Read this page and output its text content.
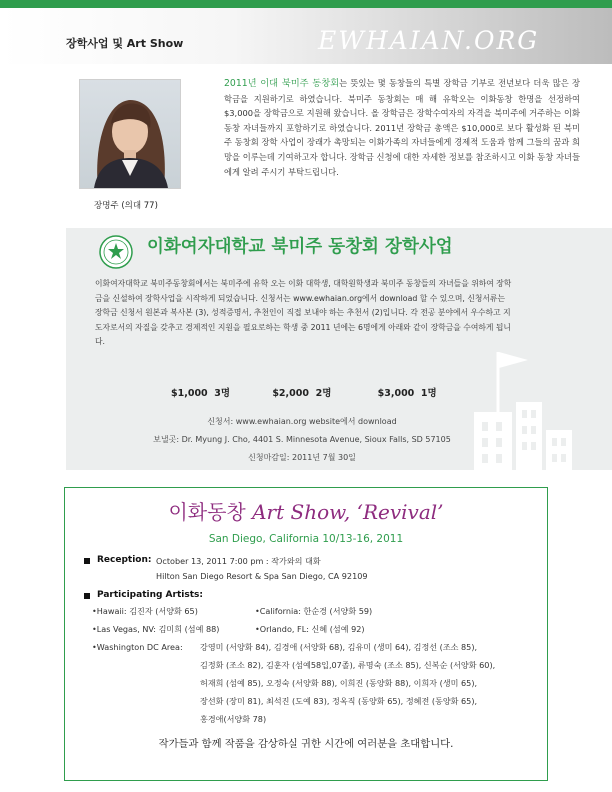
장학사업 및 Art Show	EWHAIAN.ORG
장명주 (의대 77)
2011년 이대 북미주 동창회는 뜻있는 몇 동창들의 특별 장학금 기부로 전년보다 더욱 많은 장학금을 지원하기로 하였습니다. 북미주 동창회는 매 해 유학오는 이화동창 한명을 선정하여 $3,000을 장학금으로 지원해 왔습니다. 올 장학금은 장학수여자의 자격을 북미주에 거주하는 이화동창 자녀들까지 포함하기로 하였습니다. 2011년 장학금 총액은 $10,000로 보다 활성화 된 북미주 동창회 장학 사업이 장래가 촉망되는 이화가족의 자녀들에게 경제적 도움과 함께 그들의 꿈과 희망을 이루는데 기여하고자 합니다. 장학금 신청에 대한 자세한 정보를 참조하시고 이화 동창 자녀들에게 알려 주시기 부탁드립니다.
이화여자대학교 북미주 동창회 장학사업
이화여자대학교 북미주동창회에서는 북미주에 유학 오는 이화 대학생, 대학원학생과 북미주 동창들의 자녀들을 위하여 장학금을 신설하여 장학사업을 시작하게 되었습니다. 신청서는 www.ewhaian.org에서 download 할 수 있으며, 신청서류는 장학금 신청서 원본과 복사본 (3), 성적증명서, 추천인이 직접 보내야 하는 추천서 (2)입니다. 각 전공 분야에서 우수하고 지도자로서의 자질을 갖추고 경제적인 지원을 필요로하는 학생 중 2011 년에는 6명에게 아래와 같이 장학금을 수여하게 됩니다.
$1,000 3명	$2,000 2명	$3,000 1명
신청서: www.ewhaian.org website에서 download
보낼곳: Dr. Myung J. Cho, 4401 S. Minnesota Avenue, Sioux Falls, SD 57105
신청마감일: 2011년 7월 30일
이화동창 Art Show, ‘Revival’
San Diego, California 10/13-16, 2011
Reception: October 13, 2011 7:00 pm : 작가와의 대화
Hilton San Diego Resort & Spa San Diego, CA 92109
Participating Artists:
•Hawaii: 김진자 (서양화 65)	•California: 한순경 (서양화 59)
•Las Vegas, NV: 김미희 (섬예 88)	•Orlando, FL: 신혜 (섬예 92)
•Washington DC Area: 강영미 (서양화 84), 김경애 (서양화 68), 김유미 (생미 64), 김정선 (조소 85),
김정화 (조소 82), 김훈자 (섬예58입,07졸), 류명숙 (조소 85), 신복순 (서양화 60),
허재희 (섬예 85), 오정숙 (서양화 88), 이희진 (동양화 88), 이희자 (생미 65),
장선화 (장미 81), 최석진 (도예 83), 정옥직 (동양화 65), 정혜전 (동양화 65),
홍경애(서양화 78)
작가들과 함께 작품을 감상하실 귀한 시간에 여러분을 초대합니다.
